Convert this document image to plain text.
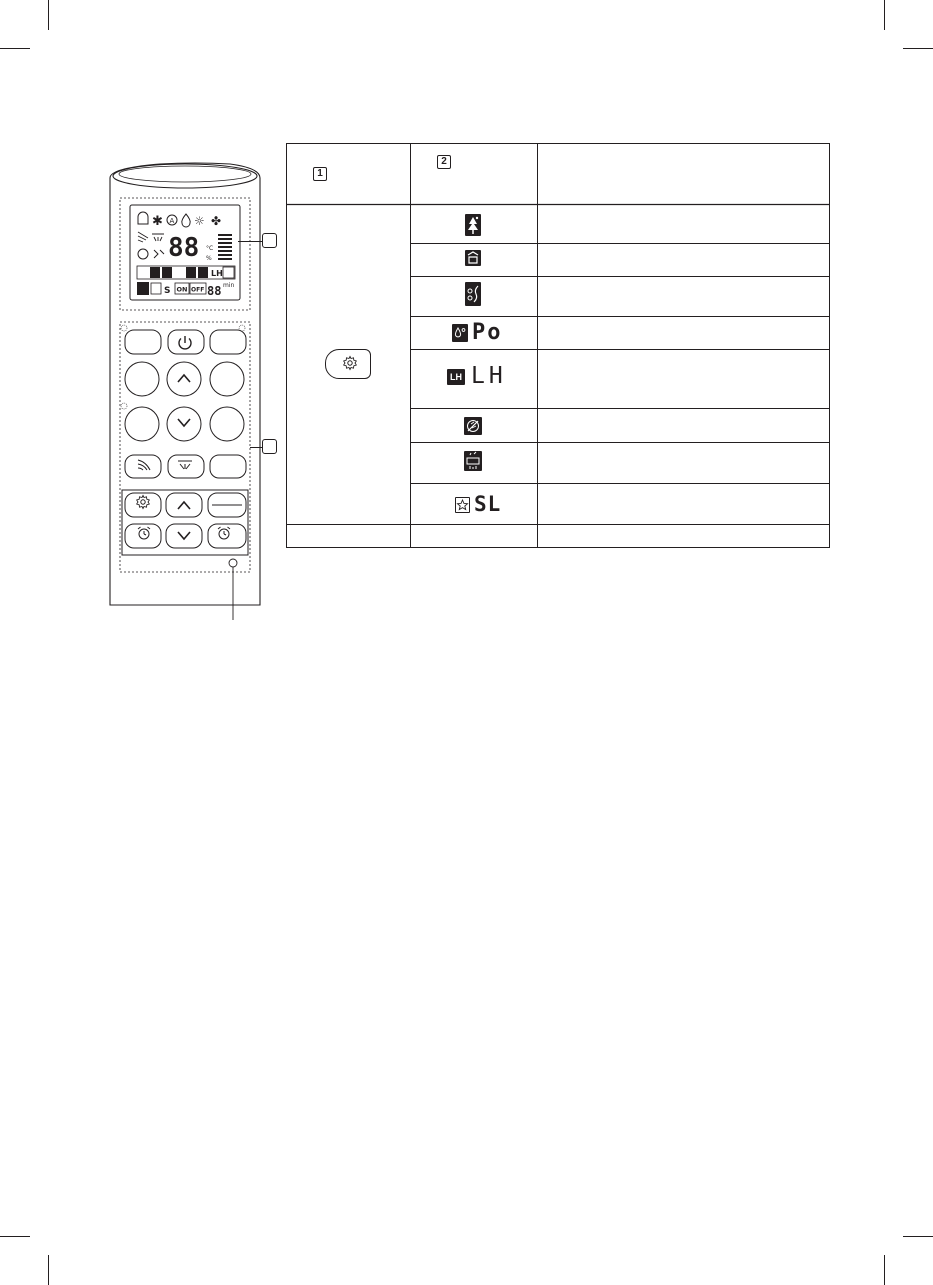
✱ A ☼ ✤
88 °C
%
LH
S ON OFF 88 min
1
2
Po
LH LH
SL
